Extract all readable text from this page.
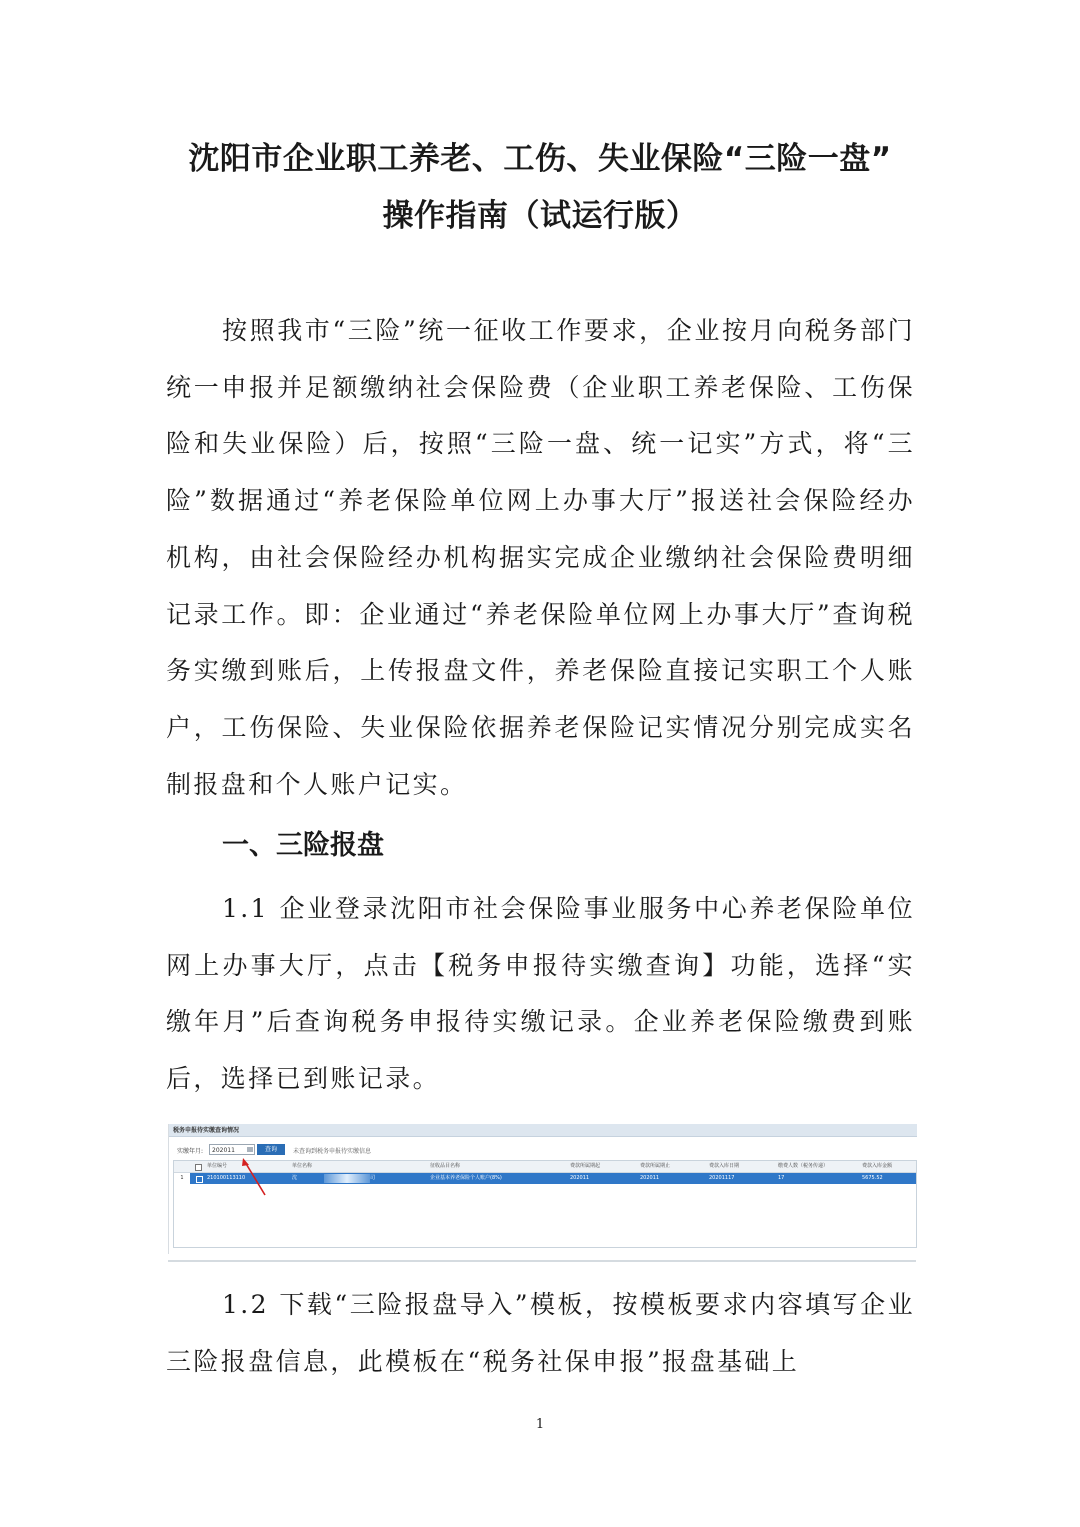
沈阳市企业职工养老、工伤、失业保险“三险一盘”
操作指南（试运行版）
按照我市“三险”统一征收工作要求，企业按月向税务部门统一申报并足额缴纳社会保险费（企业职工养老保险、工伤保险和失业保险）后，按照“三险一盘、统一记实”方式，将“三险”数据通过“养老保险单位网上办事大厅”报送社会保险经办机构，由社会保险经办机构据实完成企业缴纳社会保险费明细记录工作。即：企业通过“养老保险单位网上办事大厅”查询税务实缴到账后，上传报盘文件，养老保险直接记实职工个人账户，工伤保险、失业保险依据养老保险记实情况分别完成实名制报盘和个人账户记实。
一、三险报盘
1.1 企业登录沈阳市社会保险事业服务中心养老保险单位网上办事大厅，点击【税务申报待实缴查询】功能，选择“实缴年月”后查询税务申报待实缴记录。企业养老保险缴费到账后，选择已到账记录。
税务申报待实缴查询情况
实缴年月:	202011	查询	未查询到税务申报待实缴信息
单位编号	单位名称	征收品目名称	费款所属期起	费款所属期止	费款入库日期	缴费人数（税务传递）	费款入库金额
1	210100113110	沈	司	企业基本养老保险个人账户(8%)	202011	202011	20201117	17	5675.52
1.2 下载“三险报盘导入”模板，按模板要求内容填写企业三险报盘信息，此模板在“税务社保申报”报盘基础上
1
